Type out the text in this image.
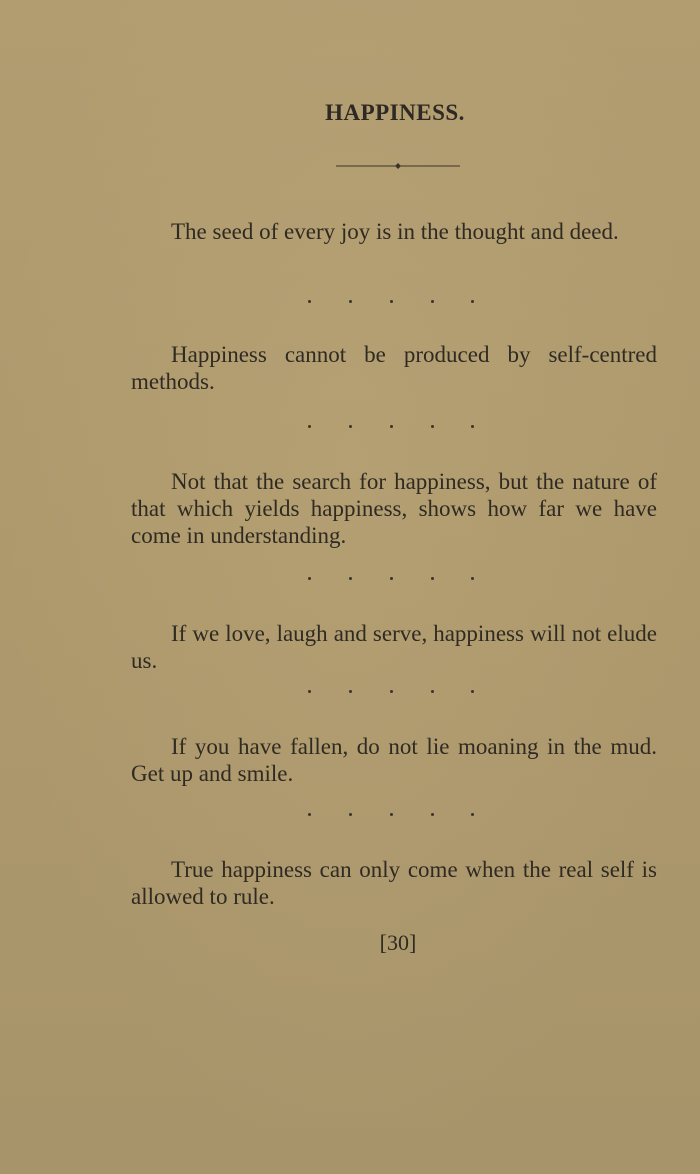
HAPPINESS.
The seed of every joy is in the thought and deed.
Happiness cannot be produced by self-centred methods.
Not that the search for happiness, but the nature of that which yields happiness, shows how far we have come in understanding.
If we love, laugh and serve, happiness will not elude us.
If you have fallen, do not lie moaning in the mud. Get up and smile.
True happiness can only come when the real self is allowed to rule.
[30]
